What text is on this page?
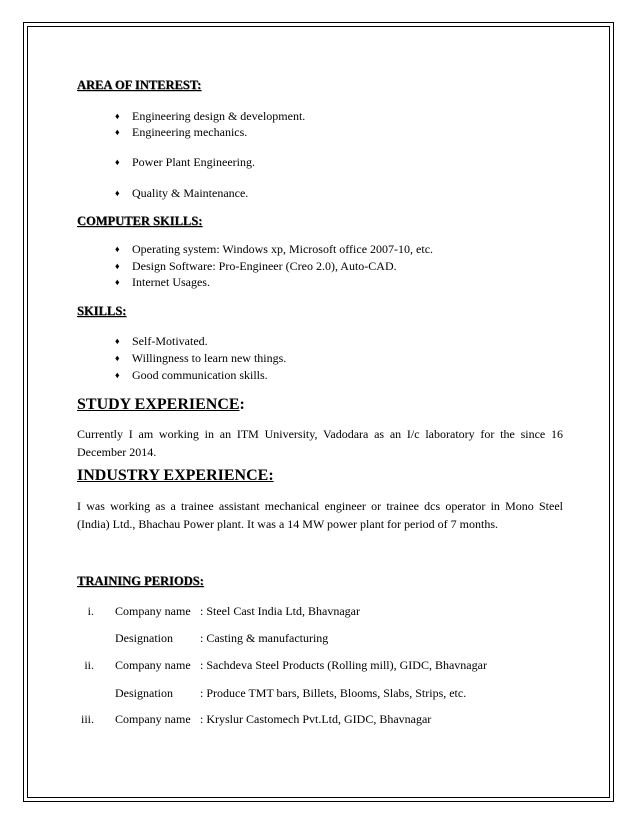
AREA OF INTEREST:
♦ Engineering design & development.
♦ Engineering mechanics.
♦ Power Plant Engineering.
♦ Quality & Maintenance.
COMPUTER SKILLS:
♦ Operating system: Windows xp, Microsoft office 2007-10, etc.
♦ Design Software: Pro-Engineer (Creo 2.0), Auto-CAD.
♦ Internet Usages.
SKILLS:
♦ Self-Motivated.
♦ Willingness to learn new things.
♦ Good communication skills.
STUDY EXPERIENCE:
Currently I am working in an ITM University, Vadodara as an I/c laboratory for the since 16 December 2014.
INDUSTRY EXPERIENCE:
I was working as a trainee assistant mechanical engineer or trainee dcs operator in Mono Steel (India) Ltd., Bhachau Power plant. It was a 14 MW power plant for period of 7 months.
TRAINING PERIODS:
i. Company name : Steel Cast India Ltd, Bhavnagar
Designation : Casting & manufacturing
ii. Company name : Sachdeva Steel Products (Rolling mill), GIDC, Bhavnagar
Designation : Produce TMT bars, Billets, Blooms, Slabs, Strips, etc.
iii. Company name : Kryslur Castomech Pvt.Ltd, GIDC, Bhavnagar
